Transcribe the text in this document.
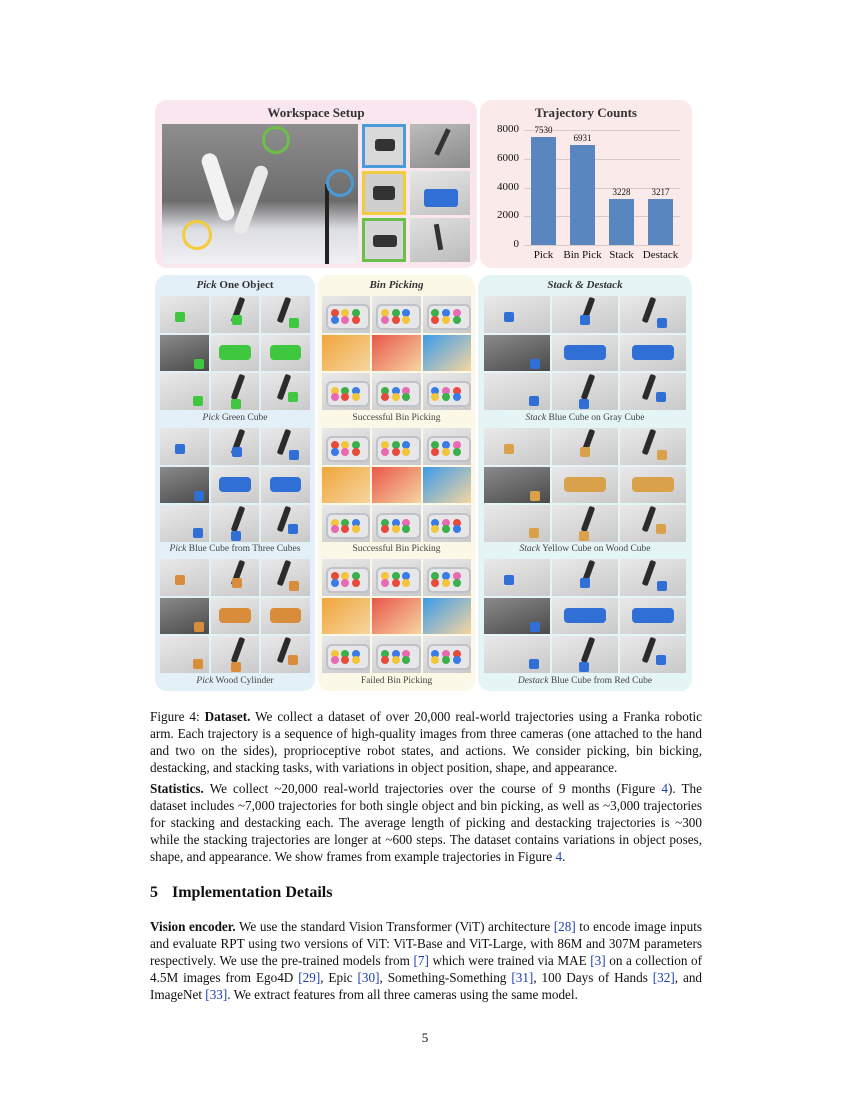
Workspace Setup	Trajectory Counts
0
2000
4000
6000
8000	7530
Pick
6931
Bin Pick
3228
Stack
3217
Destack
Pick One Object	Bin Picking	Stack & Destack
Pick Green Cube
Pick Blue Cube from Three Cubes
Pick Wood Cylinder
Successful Bin Picking
Successful Bin Picking
Failed Bin Picking
Stack Blue Cube on Gray Cube
Stack Yellow Cube on Wood Cube
Destack Blue Cube from Red Cube
Figure 4: Dataset. We collect a dataset of over 20,000 real-world trajectories using a Franka robotic arm. Each trajectory is a sequence of high-quality images from three cameras (one attached to the hand and two on the sides), proprioceptive robot states, and actions. We consider picking, bin bicking, destacking, and stacking tasks, with variations in object position, shape, and appearance.
Statistics. We collect ~20,000 real-world trajectories over the course of 9 months (Figure 4). The dataset includes ~7,000 trajectories for both single object and bin picking, as well as ~3,000 trajectories for stacking and destacking each. The average length of picking and destacking trajectories is ~300 while the stacking trajectories are longer at ~600 steps. The dataset contains variations in object poses, shape, and appearance. We show frames from example trajectories in Figure 4.
5 Implementation Details
Vision encoder. We use the standard Vision Transformer (ViT) architecture [28] to encode image inputs and evaluate RPT using two versions of ViT: ViT-Base and ViT-Large, with 86M and 307M parameters respectively. We use the pre-trained models from [7] which were trained via MAE [3] on a collection of 4.5M images from Ego4D [29], Epic [30], Something-Something [31], 100 Days of Hands [32], and ImageNet [33]. We extract features from all three cameras using the same model.
5
